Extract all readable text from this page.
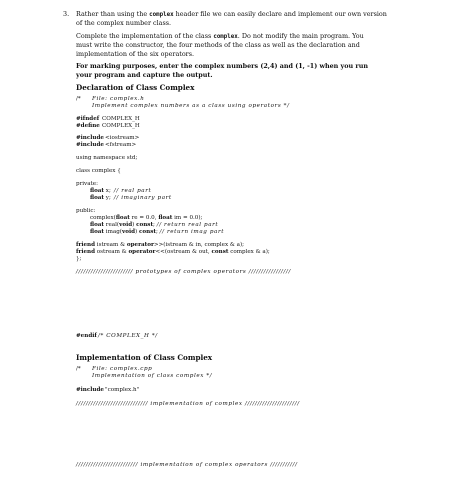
3. Rather than using the complex header file we can easily declare and implement our own version
of the complex number class.
Complete the implementation of the class complex. Do not modify the main program. You
must write the constructor, the four methods of the class as well as the declaration and
implementation of the six operators.
For marking purposes, enter the complex numbers (2,4) and (1, -1) when you run
your program and capture the output.
Declaration of Class Complex
/* File: complex.h
Implement complex numbers as a class using operators */
#ifndef COMPLEX_H
#define COMPLEX_H
#include <iostream>
#include <fstream>
using namespace std;
class complex {
private:
float x; // real part
float y; // imaginary part
public:
complex(float re = 0.0, float im = 0.0);
float real(void) const; // return real part
float imag(void) const; // return imag part
friend istream & operator>>(istream & in, complex & a);
friend ostream & operator<<(ostream & out, const complex & a);
};
/////////////////////// prototypes of complex operators /////////////////
#endif /* COMPLEX_H */
Implementation of Class Complex
/* File: complex.cpp
Implementation of class complex */
#include "complex.h"
///////////////////////////// implementation of complex //////////////////////
///////////////////////// implementation of complex operators ///////////
